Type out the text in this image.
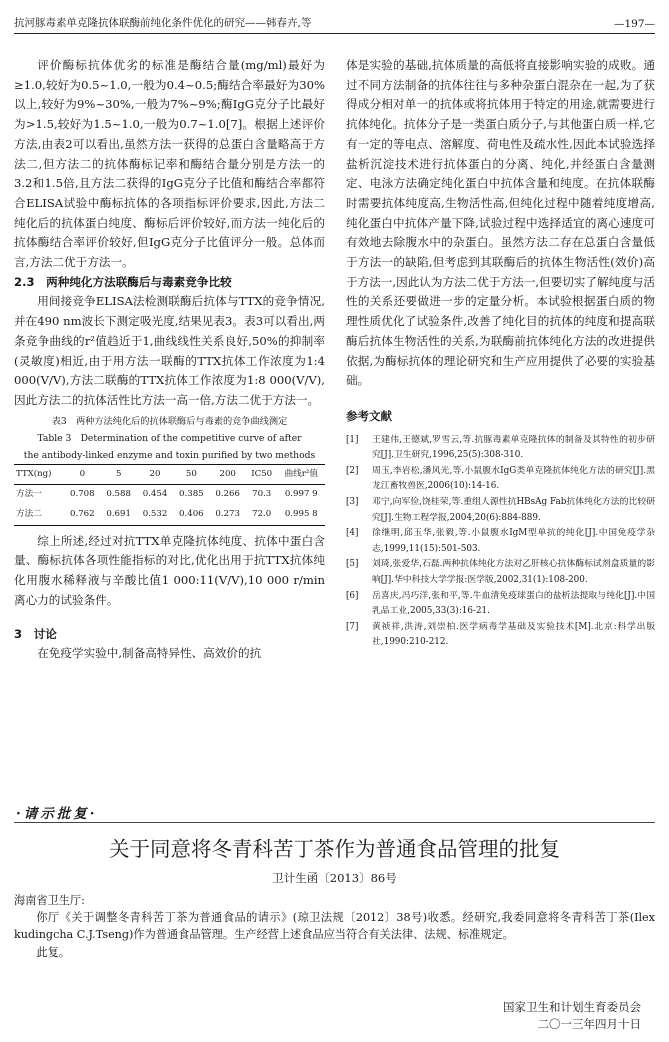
抗河豚毒素单克隆抗体联酶前纯化条件优化的研究——韩春卉,等	—197—

评价酶标抗体优劣的标准是酶结合量(mg/ml)最好为≥1.0,较好为0.5~1.0,一般为0.4~0.5;酶结合率最好为30%以上,较好为9%~30%,一般为7%~9%;酶IgG克分子比最好为>1.5,较好为1.5~1.0,一般为0.7~1.0[7]。根据上述评价方法,由表2可以看出,虽然方法一获得的总蛋白含量略高于方法二,但方法二的抗体酶标记率和酶结合量分别是方法一的3.2和1.5倍,且方法二获得的IgG克分子比值和酶结合率都符合ELISA试验中酶标抗体的各项指标评价要求,因此,方法二纯化后的抗体蛋白纯度、酶标后评价较好,而方法一纯化后的抗体酶结合率评价较好,但IgG克分子比值评分一般。总体而言,方法二优于方法一。

2.3　两种纯化方法联酶后与毒素竞争比较

用间接竞争ELISA法检测联酶后抗体与TTX的竞争情况,并在490 nm波长下测定吸光度,结果见表3。表3可以看出,两条竞争曲线的r²值趋近于1,曲线线性关系良好,50%的抑制率(灵敏度)相近,由于用方法一联酶的TTX抗体工作浓度为1:4 000(V/V),方法二联酶的TTX抗体工作浓度为1:8 000(V/V),因此方法二的抗体活性比方法一高一倍,方法二优于方法一。

表3　两种方法纯化后的抗体联酶后与毒素的竞争曲线测定
Table 3　Determination of the competitive curve of after
the antibody-linked enzyme and toxin purified by two methods
TTX(ng)	0	5	20	50	200	IC50	曲线r²值
方法一	0.708	0.588	0.454	0.385	0.266	70.3	0.997 9
方法二	0.762	0.691	0.532	0.406	0.273	72.0	0.995 8

综上所述,经过对抗TTX单克隆抗体纯度、抗体中蛋白含量、酶标抗体各项性能指标的对比,优化出用于抗TTX抗体纯化用腹水稀释液与辛酸比值1 000:11(V/V),10 000 r/min离心力的试验条件。

3　讨论

在免疫学实验中,制备高特异性、高效价的抗

体是实验的基础,抗体质量的高低将直接影响实验的成败。通过不同方法制备的抗体往往与多种杂蛋白混杂在一起,为了获得成分相对单一的抗体或将抗体用于特定的用途,就需要进行抗体纯化。抗体分子是一类蛋白质分子,与其他蛋白质一样,它有一定的等电点、溶解度、荷电性及疏水性,因此本试验选择盐析沉淀技术进行抗体蛋白的分离、纯化,并经蛋白含量测定、电泳方法确定纯化蛋白中抗体含量和纯度。在抗体联酶时需要抗体纯度高,生物活性高,但纯化过程中随着纯度增高,纯化蛋白中抗体产量下降,试验过程中选择适宜的离心速度可有效地去除腹水中的杂蛋白。虽然方法二存在总蛋白含量低于方法一的缺陷,但考虑到其联酶后的抗体生物活性(效价)高于方法一,因此认为方法二优于方法一,但要切实了解纯度与活性的关系还要做进一步的定量分析。本试验根据蛋白质的物理性质优化了试验条件,改善了纯化目的抗体的纯度和提高联酶后抗体生物活性的关系,为联酶前抗体纯化方法的改进提供依据,为酶标抗体的理论研究和生产应用提供了必要的实验基础。

参考文献
[1]	王建伟,王德斌,罗雪云,等.抗豚毒素单克隆抗体的制备及其特性的初步研究[J].卫生研究,1996,25(5):308-310.
[2]	周玉,李岩松,潘风光,等.小鼠腹水IgG类单克隆抗体纯化方法的研究[J].黑龙江畜牧兽医,2006(10):14-16.
[3]	邓宁,向军俭,饶桂荣,等.重组人源性抗HBsAg Fab抗体纯化方法的比较研究[J].生物工程学报,2004,20(6):884-889.
[4]	徐继明,邱玉华,张毅,等.小鼠腹水IgM型单抗的纯化[J].中国免疫学杂志,1999,11(15):501-503.
[5]	刘琦,张爱华,石磊.两种抗体纯化方法对乙肝核心抗体酶标试剂盒质量的影响[J].华中科技大学学报:医学版,2002,31(1):108-200.
[6]	岳喜庆,冯巧洋,张和平,等.牛血清免疫球蛋白的盐析法提取与纯化[J].中国乳品工业,2005,33(3):16-21.
[7]	黄祯祥,洪涛,刘崇柏.医学病毒学基础及实验技术[M].北京:科学出版社,1990:210-212.
·请示批复·
关于同意将冬青科苦丁茶作为普通食品管理的批复
卫计生函〔2013〕86号

海南省卫生厅:

你厅《关于调整冬青科苦丁茶为普通食品的请示》(琼卫法规〔2012〕38号)收悉。经研究,我委同意将冬青科苦丁茶(Ilex kudingcha C.J.Tseng)作为普通食品管理。生产经营上述食品应当符合有关法律、法规、标准规定。

此复。

国家卫生和计划生育委员会
二〇一三年四月十日
